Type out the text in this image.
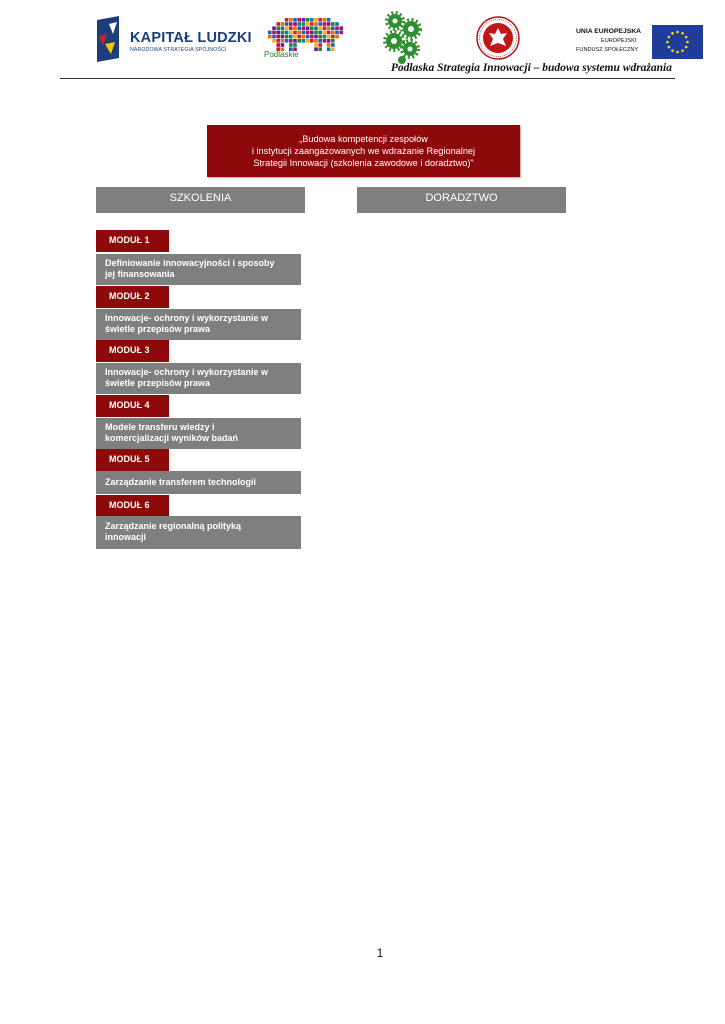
KAPITAŁ LUDZKI
NARODOWA STRATEGIA SPÓJNOŚCI	Podlaskie
UNIA EUROPEJSKA
EUROPEJSKI
FUNDUSZ SPOŁECZNY
Podlaska Strategia Innowacji – budowa systemu wdrażania
„Budowa kompetencji zespołów
i instytucji zaangażowanych we wdrażanie Regionalnej
Strategii Innowacji (szkolenia zawodowe i doradztwo)"
SZKOLENIA	DORADZTWO
MODUŁ 1
Definiowanie innowacyjności i sposoby
jej finansowania
MODUŁ 2
Innowacje- ochrony i wykorzystanie w
świetle przepisów prawa
MODUŁ 3
Innowacje- ochrony i wykorzystanie w
świetle przepisów prawa
MODUŁ 4
Modele transferu wiedzy i
komercjalizacji wyników badań
MODUŁ 5
Zarządzanie transferem technologii
MODUŁ 6
Zarządzanie regionalną polityką
innowacji
1
